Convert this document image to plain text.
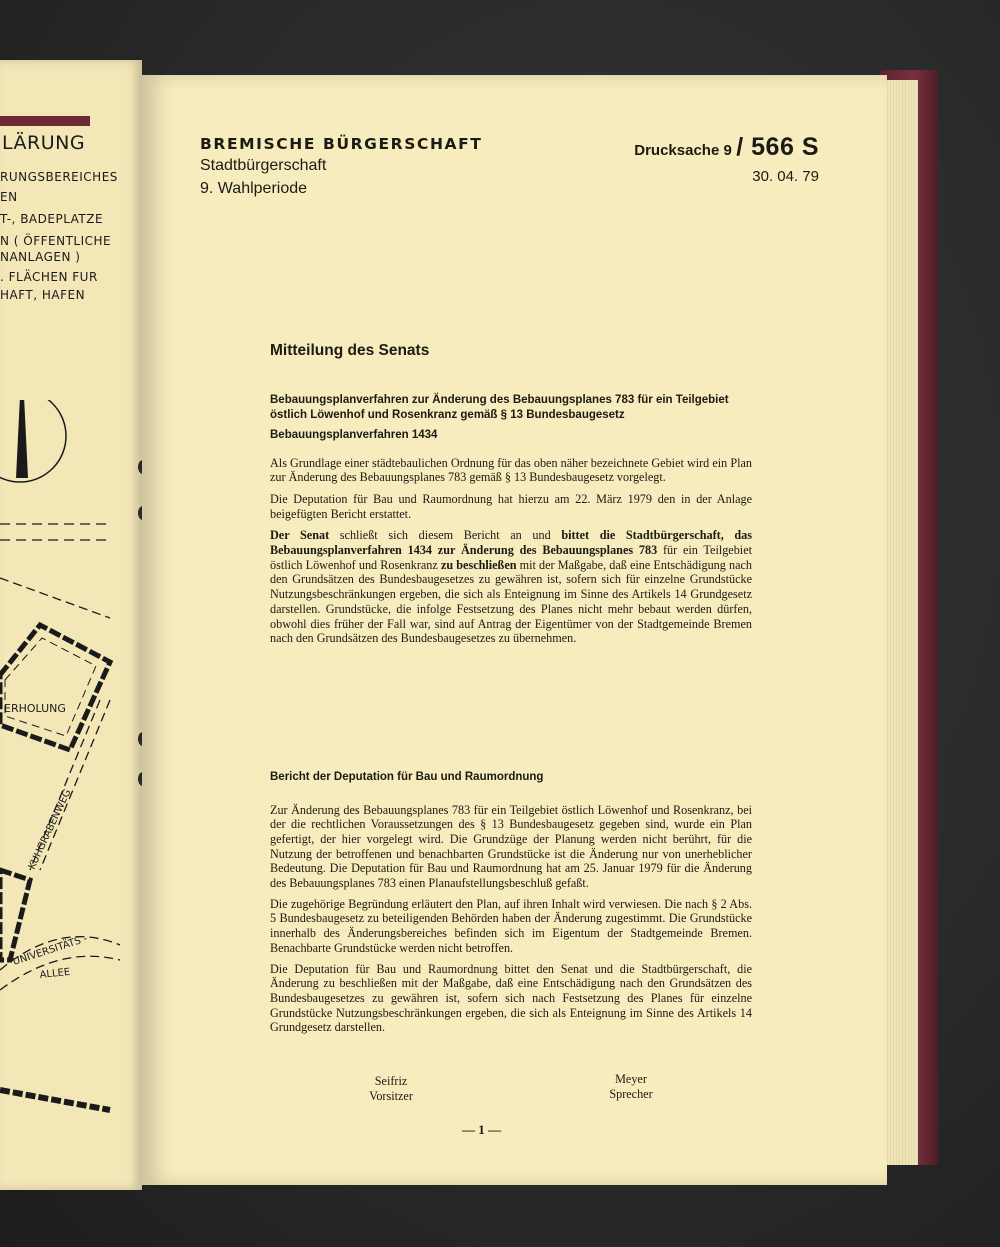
LÄRUNG
RUNGSBEREICHES
EN
T-, BADEPLATZE
N ( ÖFFENTLICHE
NANLAGEN )
. FLÄCHEN FUR
HAFT, HAFEN
ERHOLUNG
KUHGRABENWEG
UNIVERSITÄTS -
ALLEE
BREMISCHE BÜRGERSCHAFT
Stadtbürgerschaft
9. Wahlperiode
Drucksache 9 / 566 S
30. 04. 79
Mitteilung des Senats
Bebauungsplanverfahren zur Änderung des Bebauungsplanes 783 für ein Teilgebiet östlich Löwenhof und Rosenkranz gemäß § 13 Bundesbaugesetz
Bebauungsplanverfahren 1434

Als Grundlage einer städtebaulichen Ordnung für das oben näher bezeichnete Gebiet wird ein Plan zur Änderung des Bebauungsplanes 783 gemäß § 13 Bundesbaugesetz vorgelegt.

Die Deputation für Bau und Raumordnung hat hierzu am 22. März 1979 den in der Anlage beigefügten Bericht erstattet.

Der Senat schließt sich diesem Bericht an und bittet die Stadtbürgerschaft, das Bebauungsplanverfahren 1434 zur Änderung des Bebauungsplanes 783 für ein Teilgebiet östlich Löwenhof und Rosenkranz zu beschließen mit der Maßgabe, daß eine Entschädigung nach den Grundsätzen des Bundesbaugesetzes zu gewähren ist, sofern sich für einzelne Grundstücke Nutzungsbeschränkungen ergeben, die sich als Enteignung im Sinne des Artikels 14 Grundgesetz darstellen. Grundstücke, die infolge Festsetzung des Planes nicht mehr bebaut werden dürfen, obwohl dies früher der Fall war, sind auf Antrag der Eigentümer von der Stadtgemeinde Bremen nach den Grundsätzen des Bundesbaugesetzes zu übernehmen.

Bericht der Deputation für Bau und Raumordnung

Zur Änderung des Bebauungsplanes 783 für ein Teilgebiet östlich Löwenhof und Rosenkranz, bei der die rechtlichen Voraussetzungen des § 13 Bundesbaugesetz gegeben sind, wurde ein Plan gefertigt, der hier vorgelegt wird. Die Grundzüge der Planung werden nicht berührt, für die Nutzung der betroffenen und benachbarten Grundstücke ist die Änderung nur von unerheblicher Bedeutung. Die Deputation für Bau und Raumordnung hat am 25. Januar 1979 für die Änderung des Bebauungsplanes 783 einen Planaufstellungsbeschluß gefaßt.

Die zugehörige Begründung erläutert den Plan, auf ihren Inhalt wird verwiesen. Die nach § 2 Abs. 5 Bundesbaugesetz zu beteiligenden Behörden haben der Änderung zugestimmt. Die Grundstücke innerhalb des Änderungsbereiches befinden sich im Eigentum der Stadtgemeinde Bremen. Benachbarte Grundstücke werden nicht betroffen.

Die Deputation für Bau und Raumordnung bittet den Senat und die Stadtbürgerschaft, die Änderung zu beschließen mit der Maßgabe, daß eine Entschädigung nach den Grundsätzen des Bundesbaugesetzes zu gewähren ist, sofern sich nach Festsetzung des Planes für einzelne Grundstücke Nutzungsbeschränkungen ergeben, die sich als Enteignung im Sinne des Artikels 14 Grundgesetz darstellen.

Seifriz
Vorsitzer
Meyer
Sprecher
— 1 —
